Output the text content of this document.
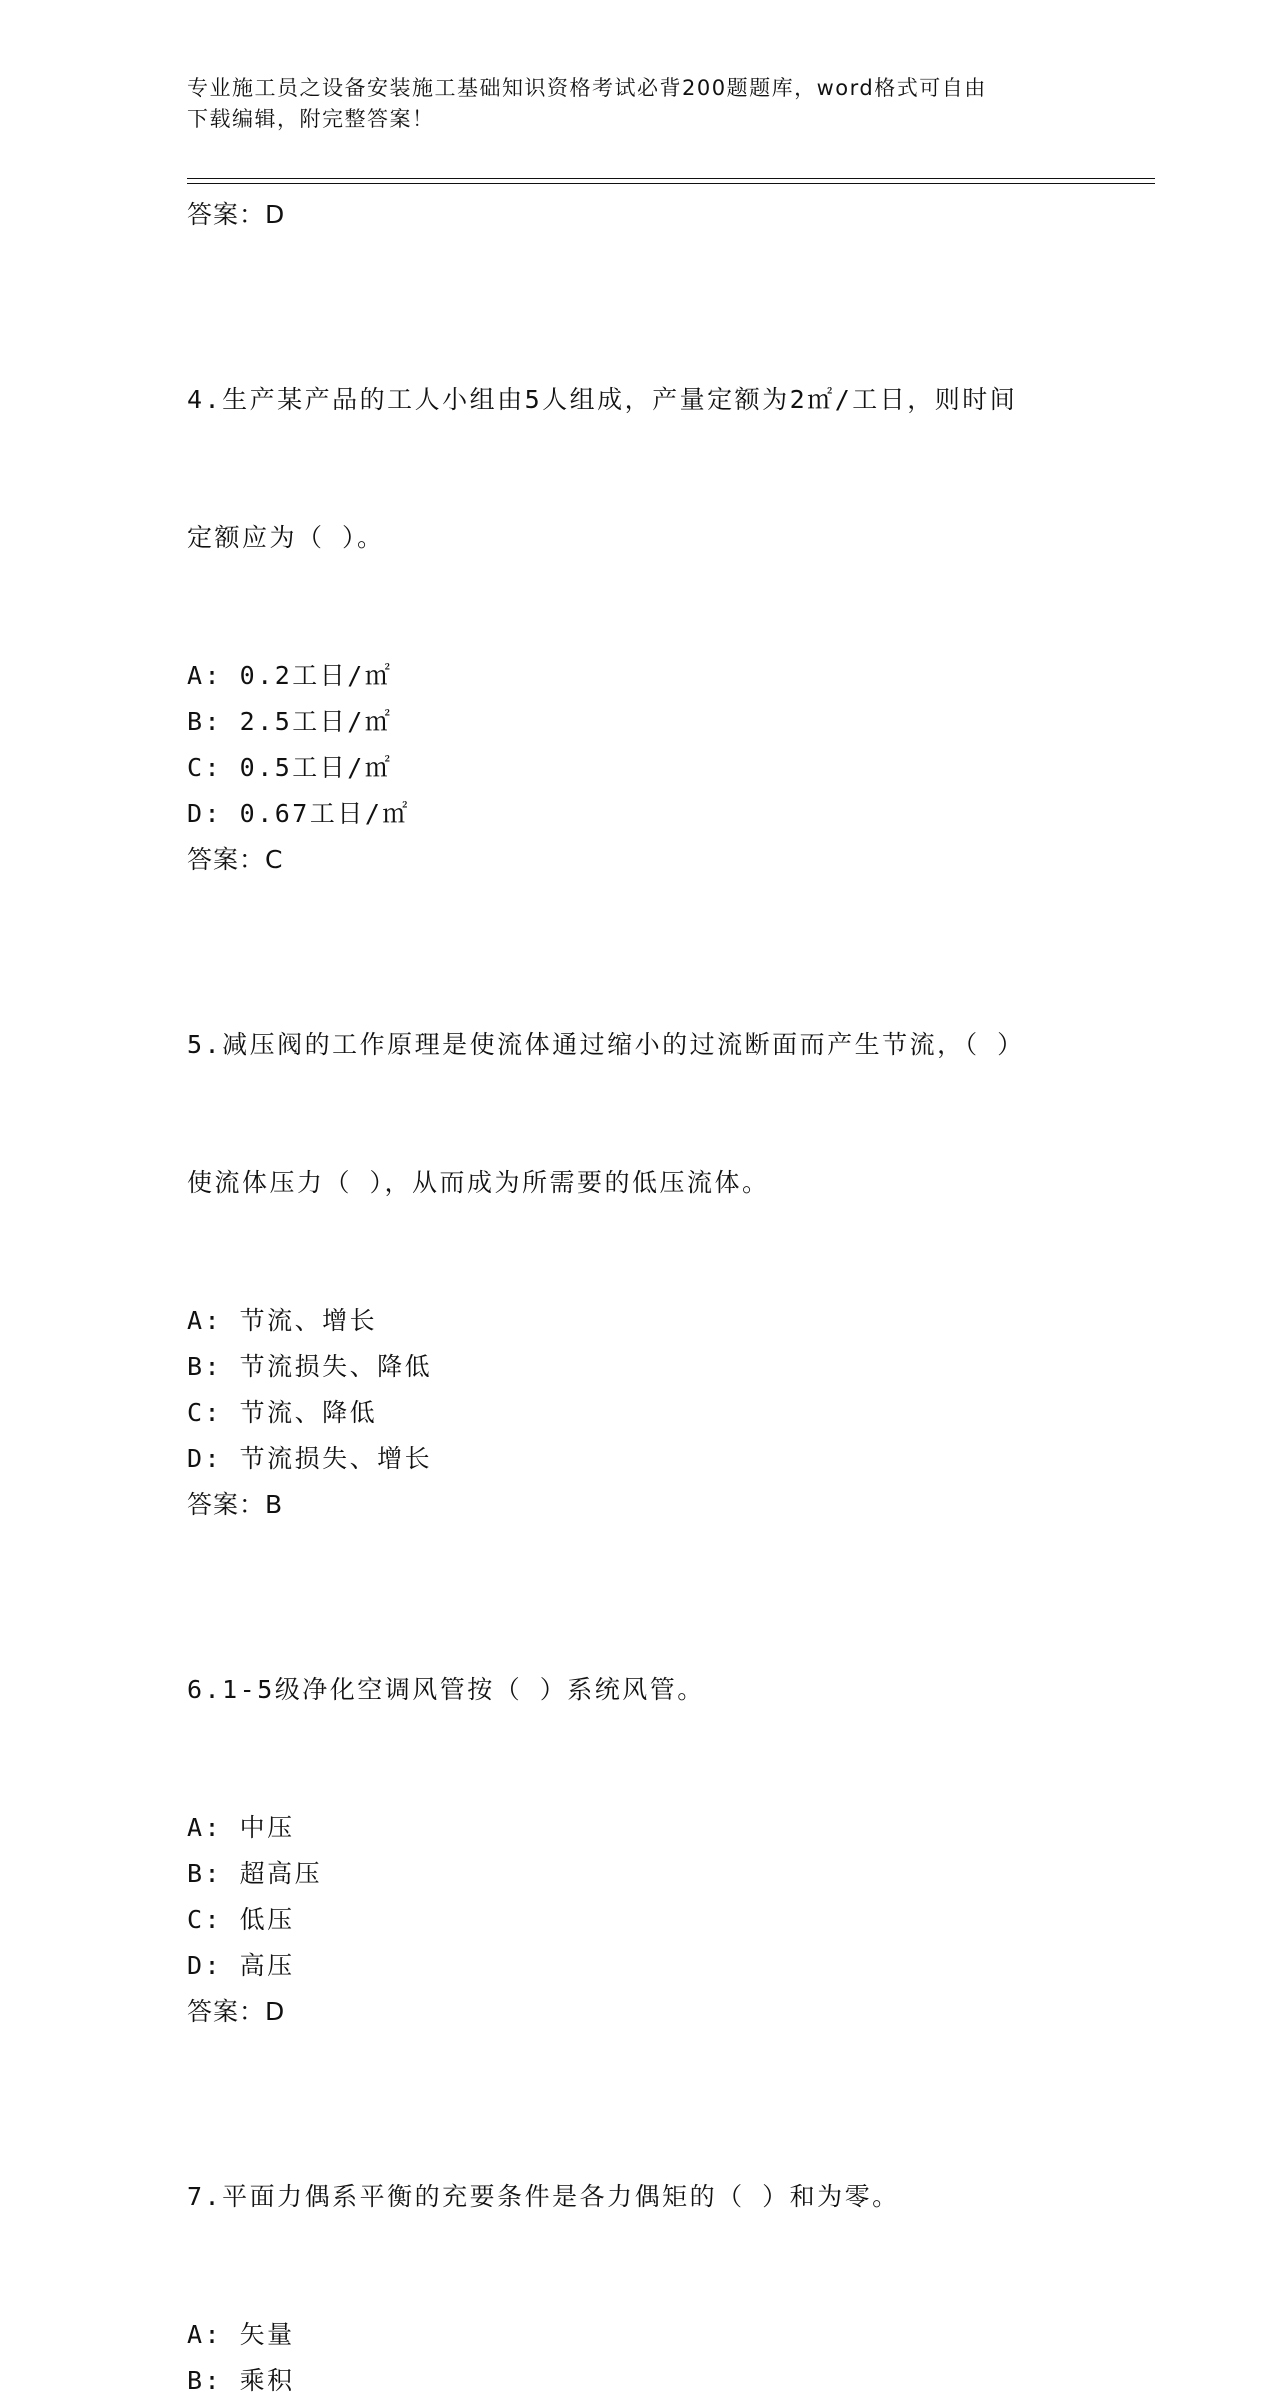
专业施工员之设备安装施工基础知识资格考试必背200题题库，word格式可自由
下载编辑，附完整答案！
答案：D

4.生产某产品的工人小组由5人组成，产量定额为2㎡/工日，则时间

定额应为（ ）。

A: 0.2工日/㎡
B: 2.5工日/㎡
C: 0.5工日/㎡
D: 0.67工日/㎡
答案：C

5.减压阀的工作原理是使流体通过缩小的过流断面而产生节流，（ ）

使流体压力（ ），从而成为所需要的低压流体。

A: 节流、增长
B: 节流损失、降低
C: 节流、降低
D: 节流损失、增长
答案：B

6.1-5级净化空调风管按（ ）系统风管。

A: 中压
B: 超高压
C: 低压
D: 高压
答案：D

7.平面力偶系平衡的充要条件是各力偶矩的（ ）和为零。

A: 矢量
B: 乘积
